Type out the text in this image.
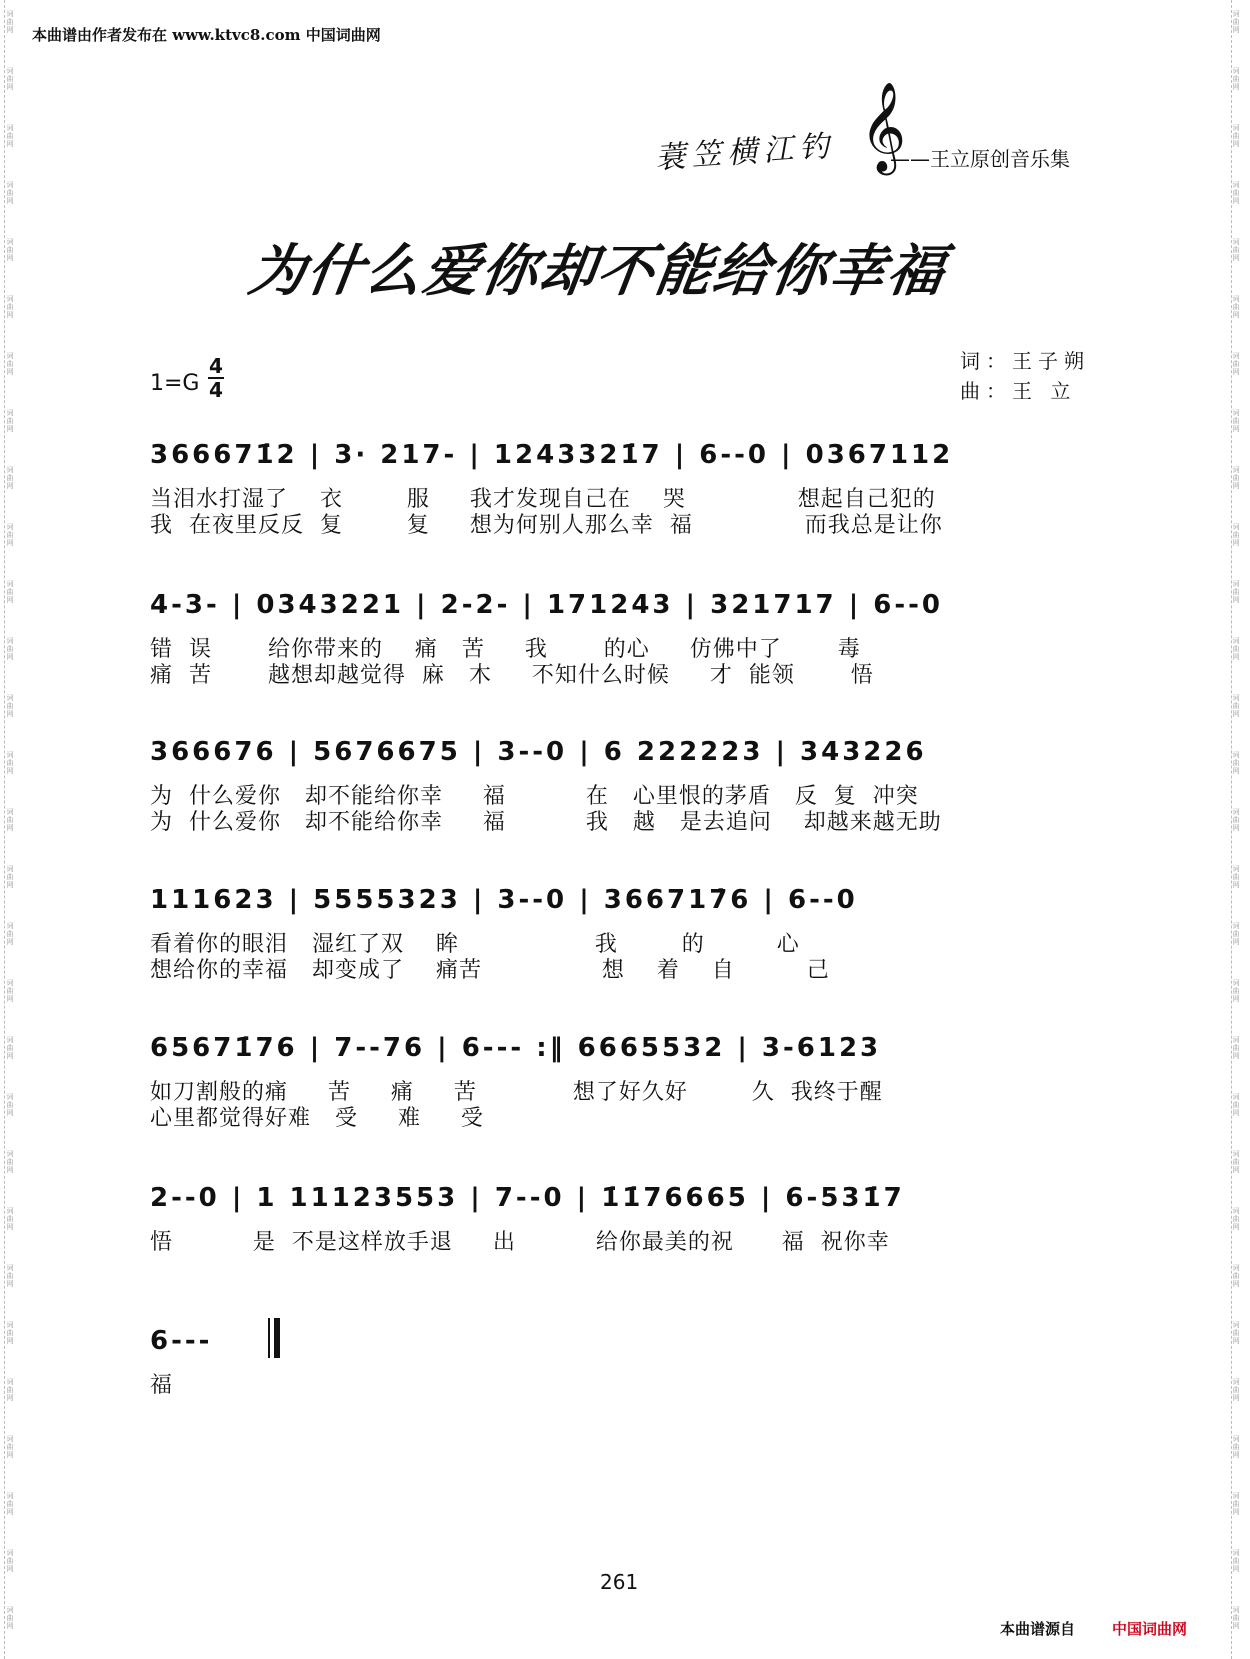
本曲谱由作者发布在 www.ktvc8.com 中国词曲网
蓑笠横江钓 𝄞
——王立原创音乐集
为什么爱你却不能给你幸福
词：王子朔
曲：王 立
1=G
4
4
366671̇2 | 3· 217- | 1243321̇7 | 6--0 | 0367112
当泪水打湿了    衣        服     我才发现自己在    哭              想起自己犯的
我  在夜里反反  复        复     想为何别人那么幸  福              而我总是让你
4-3- | 0343221 | 2-2- | 171243 | 321717 | 6--0
错  误       给你带来的    痛   苦     我       的心     仿佛中了       毒
痛  苦       越想却越觉得  麻   木     不知什么时候     才  能领       悟
366676 | 5676675 | 3--0 | 6 222223 | 343226
为  什么爱你   却不能给你幸     福          在   心里恨的茅盾   反  复  冲突
为  什么爱你   却不能给你幸     福          我   越   是去追问    却越来越无助
111623 | 5555323 | 3--0 | 366717̇6 | 6--0
看着你的眼泪   湿红了双    眸                 我        的         心
想给你的幸福   却变成了    痛苦               想    着    自         己
65671̇76 | 7--76 | 6--- :‖ 6665532 | 3-6123
如刀割般的痛     苦     痛     苦            想了好久好        久  我终于醒
心里都觉得好难   受     难     受
2--0 | 1 11123553 | 7--0 | 1̇1̇76665 | 6-531̇7
悟          是  不是这样放手退     出          给你最美的祝      福  祝你幸
6---
福
261
本曲谱源自 中国词曲网
词
曲
网
词
曲
网
词
曲
网
词
曲
网
词
曲
网
词
曲
网
词
曲
网
词
曲
网
词
曲
网
词
曲
网
词
曲
网
词
曲
网
词
曲
网
词
曲
网
词
曲
网
词
曲
网
词
曲
网
词
曲
网
词
曲
网
词
曲
网
词
曲
网
词
曲
网
词
曲
网
词
曲
网
词
曲
网
词
曲
网
词
曲
网
词
曲
网
词
曲
网
词
曲
网
词
曲
网
词
曲
网
词
曲
网
词
曲
网
词
曲
网
词
曲
网
词
曲
网
词
曲
网
词
曲
网
词
曲
网
词
曲
网
词
曲
网
词
曲
网
词
曲
网
词
曲
网
词
曲
网
词
曲
网
词
曲
网
词
曲
网
词
曲
网
词
曲
网
词
曲
网
词
曲
网
词
曲
网
词
曲
网
词
曲
网
词
曲
网
词
曲
网
